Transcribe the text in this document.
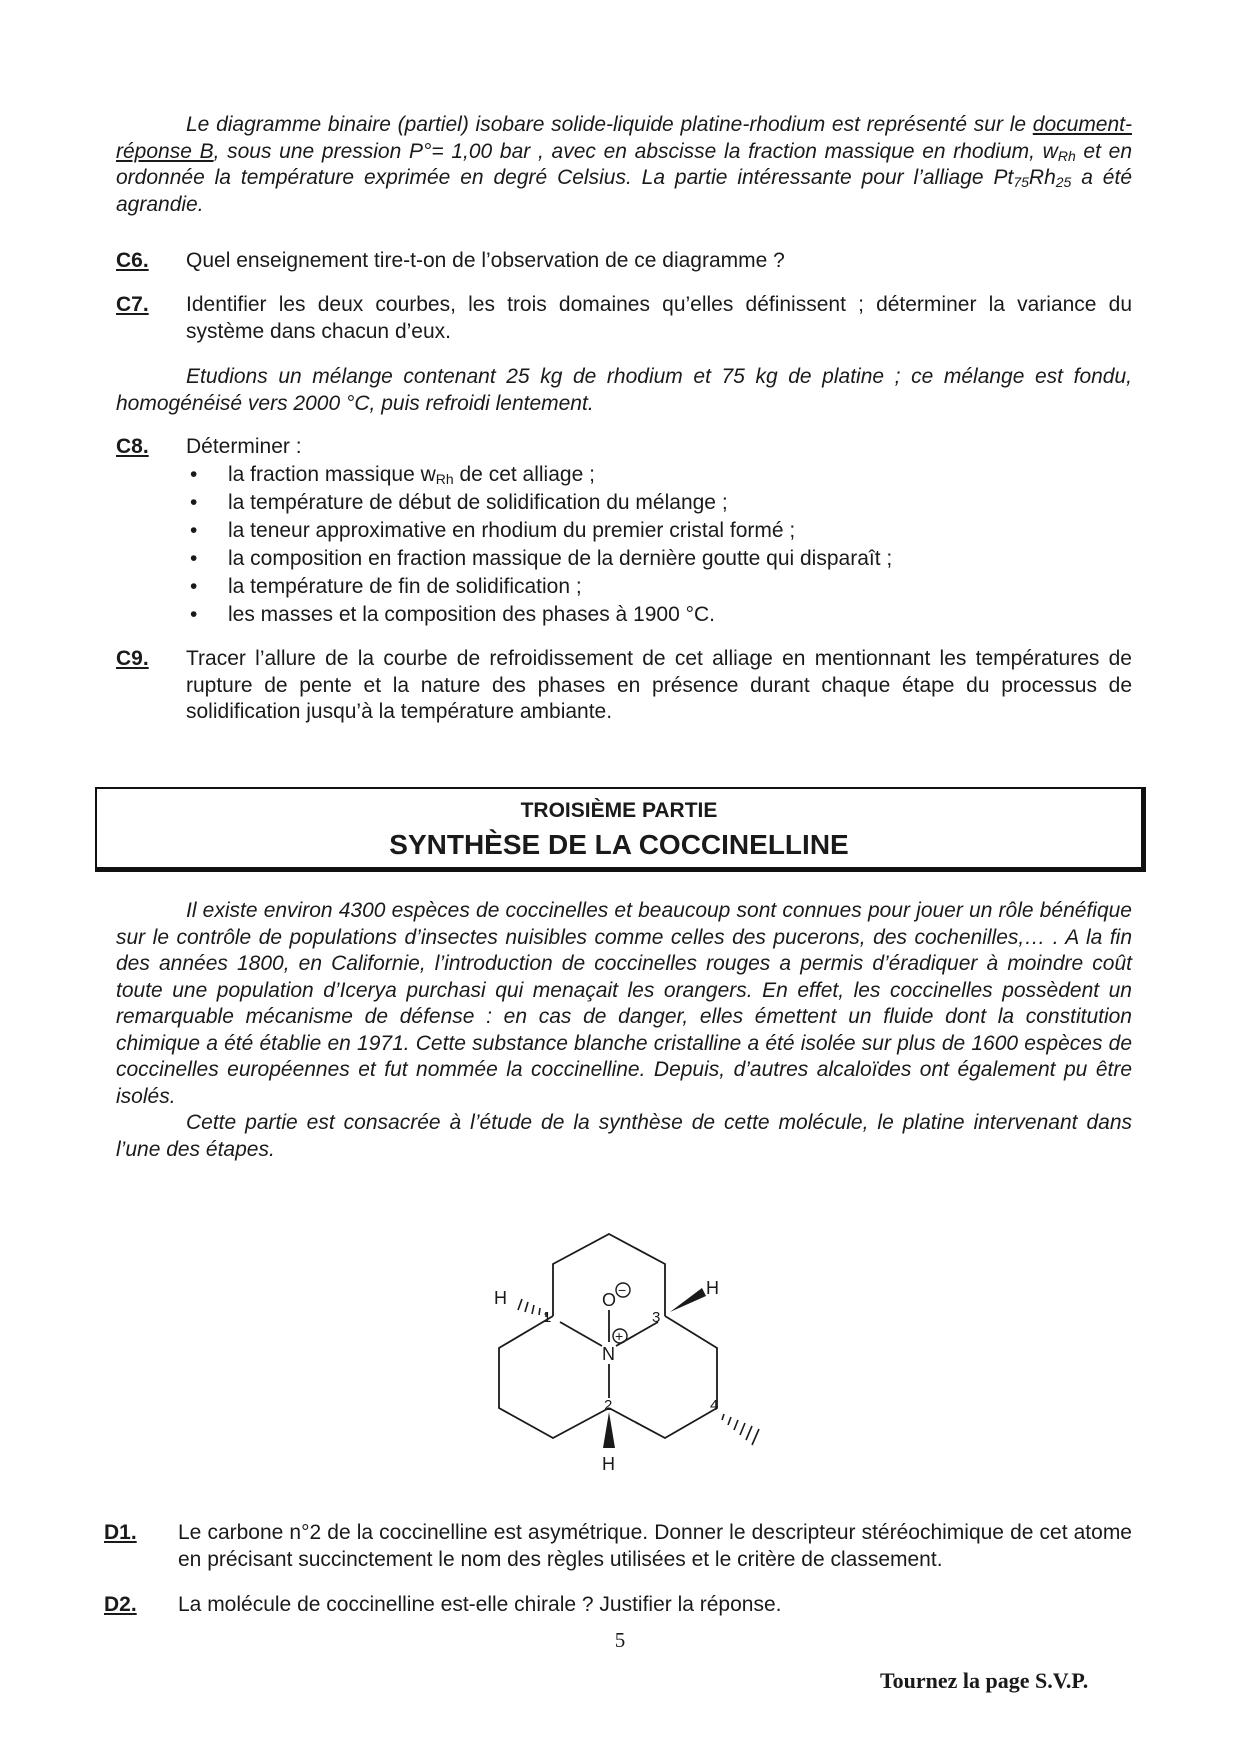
Le diagramme binaire (partiel) isobare solide-liquide platine-rhodium est représenté sur le document-réponse B, sous une pression P°= 1,00 bar , avec en abscisse la fraction massique en rhodium, $w_{Rh}$ et en ordonnée la température exprimée en degré Celsius. La partie intéressante pour l’alliage $Pt_{75}Rh_{25}$ a été agrandie.
C6. Quel enseignement tire-t-on de l’observation de ce diagramme ?
C7. Identifier les deux courbes, les trois domaines qu’elles définissent ; déterminer la variance du système dans chacun d’eux.
Etudions un mélange contenant 25 kg de rhodium et 75 kg de platine ; ce mélange est fondu, homogénéisé vers 2000 °C, puis refroidi lentement.
C8. Déterminer :
• la fraction massique $w_{Rh}$ de cet alliage ;
• la température de début de solidification du mélange ;
• la teneur approximative en rhodium du premier cristal formé ;
• la composition en fraction massique de la dernière goutte qui disparaît ;
• la température de fin de solidification ;
• les masses et la composition des phases à 1900 °C.
C9. Tracer l’allure de la courbe de refroidissement de cet alliage en mentionnant les températures de rupture de pente et la nature des phases en présence durant chaque étape du processus de solidification jusqu’à la température ambiante.
TROISIÈME PARTIE
SYNTHÈSE DE LA COCCINELLINE
Il existe environ 4300 espèces de coccinelles et beaucoup sont connues pour jouer un rôle bénéfique sur le contrôle de populations d’insectes nuisibles comme celles des pucerons, des cochenilles,… . A la fin des années 1800, en Californie, l’introduction de coccinelles rouges a permis d’éradiquer à moindre coût toute une population d’Icerya purchasi qui menaçait les orangers. En effet, les coccinelles possèdent un remarquable mécanisme de défense : en cas de danger, elles émettent un fluide dont la constitution chimique a été établie en 1971. Cette substance blanche cristalline a été isolée sur plus de 1600 espèces de coccinelles européennes et fut nommée la coccinelline. Depuis, d’autres alcaloïdes ont également pu être isolés.
Cette partie est consacrée à l’étude de la synthèse de cette molécule, le platine intervenant dans l’une des étapes.
O −
N
+
H	H
H
1
2
3
4
D1. Le carbone n°2 de la coccinelline est asymétrique. Donner le descripteur stéréochimique de cet atome en précisant succinctement le nom des règles utilisées et le critère de classement.
D2. La molécule de coccinelline est-elle chirale ? Justifier la réponse.
5
Tournez la page S.V.P.
